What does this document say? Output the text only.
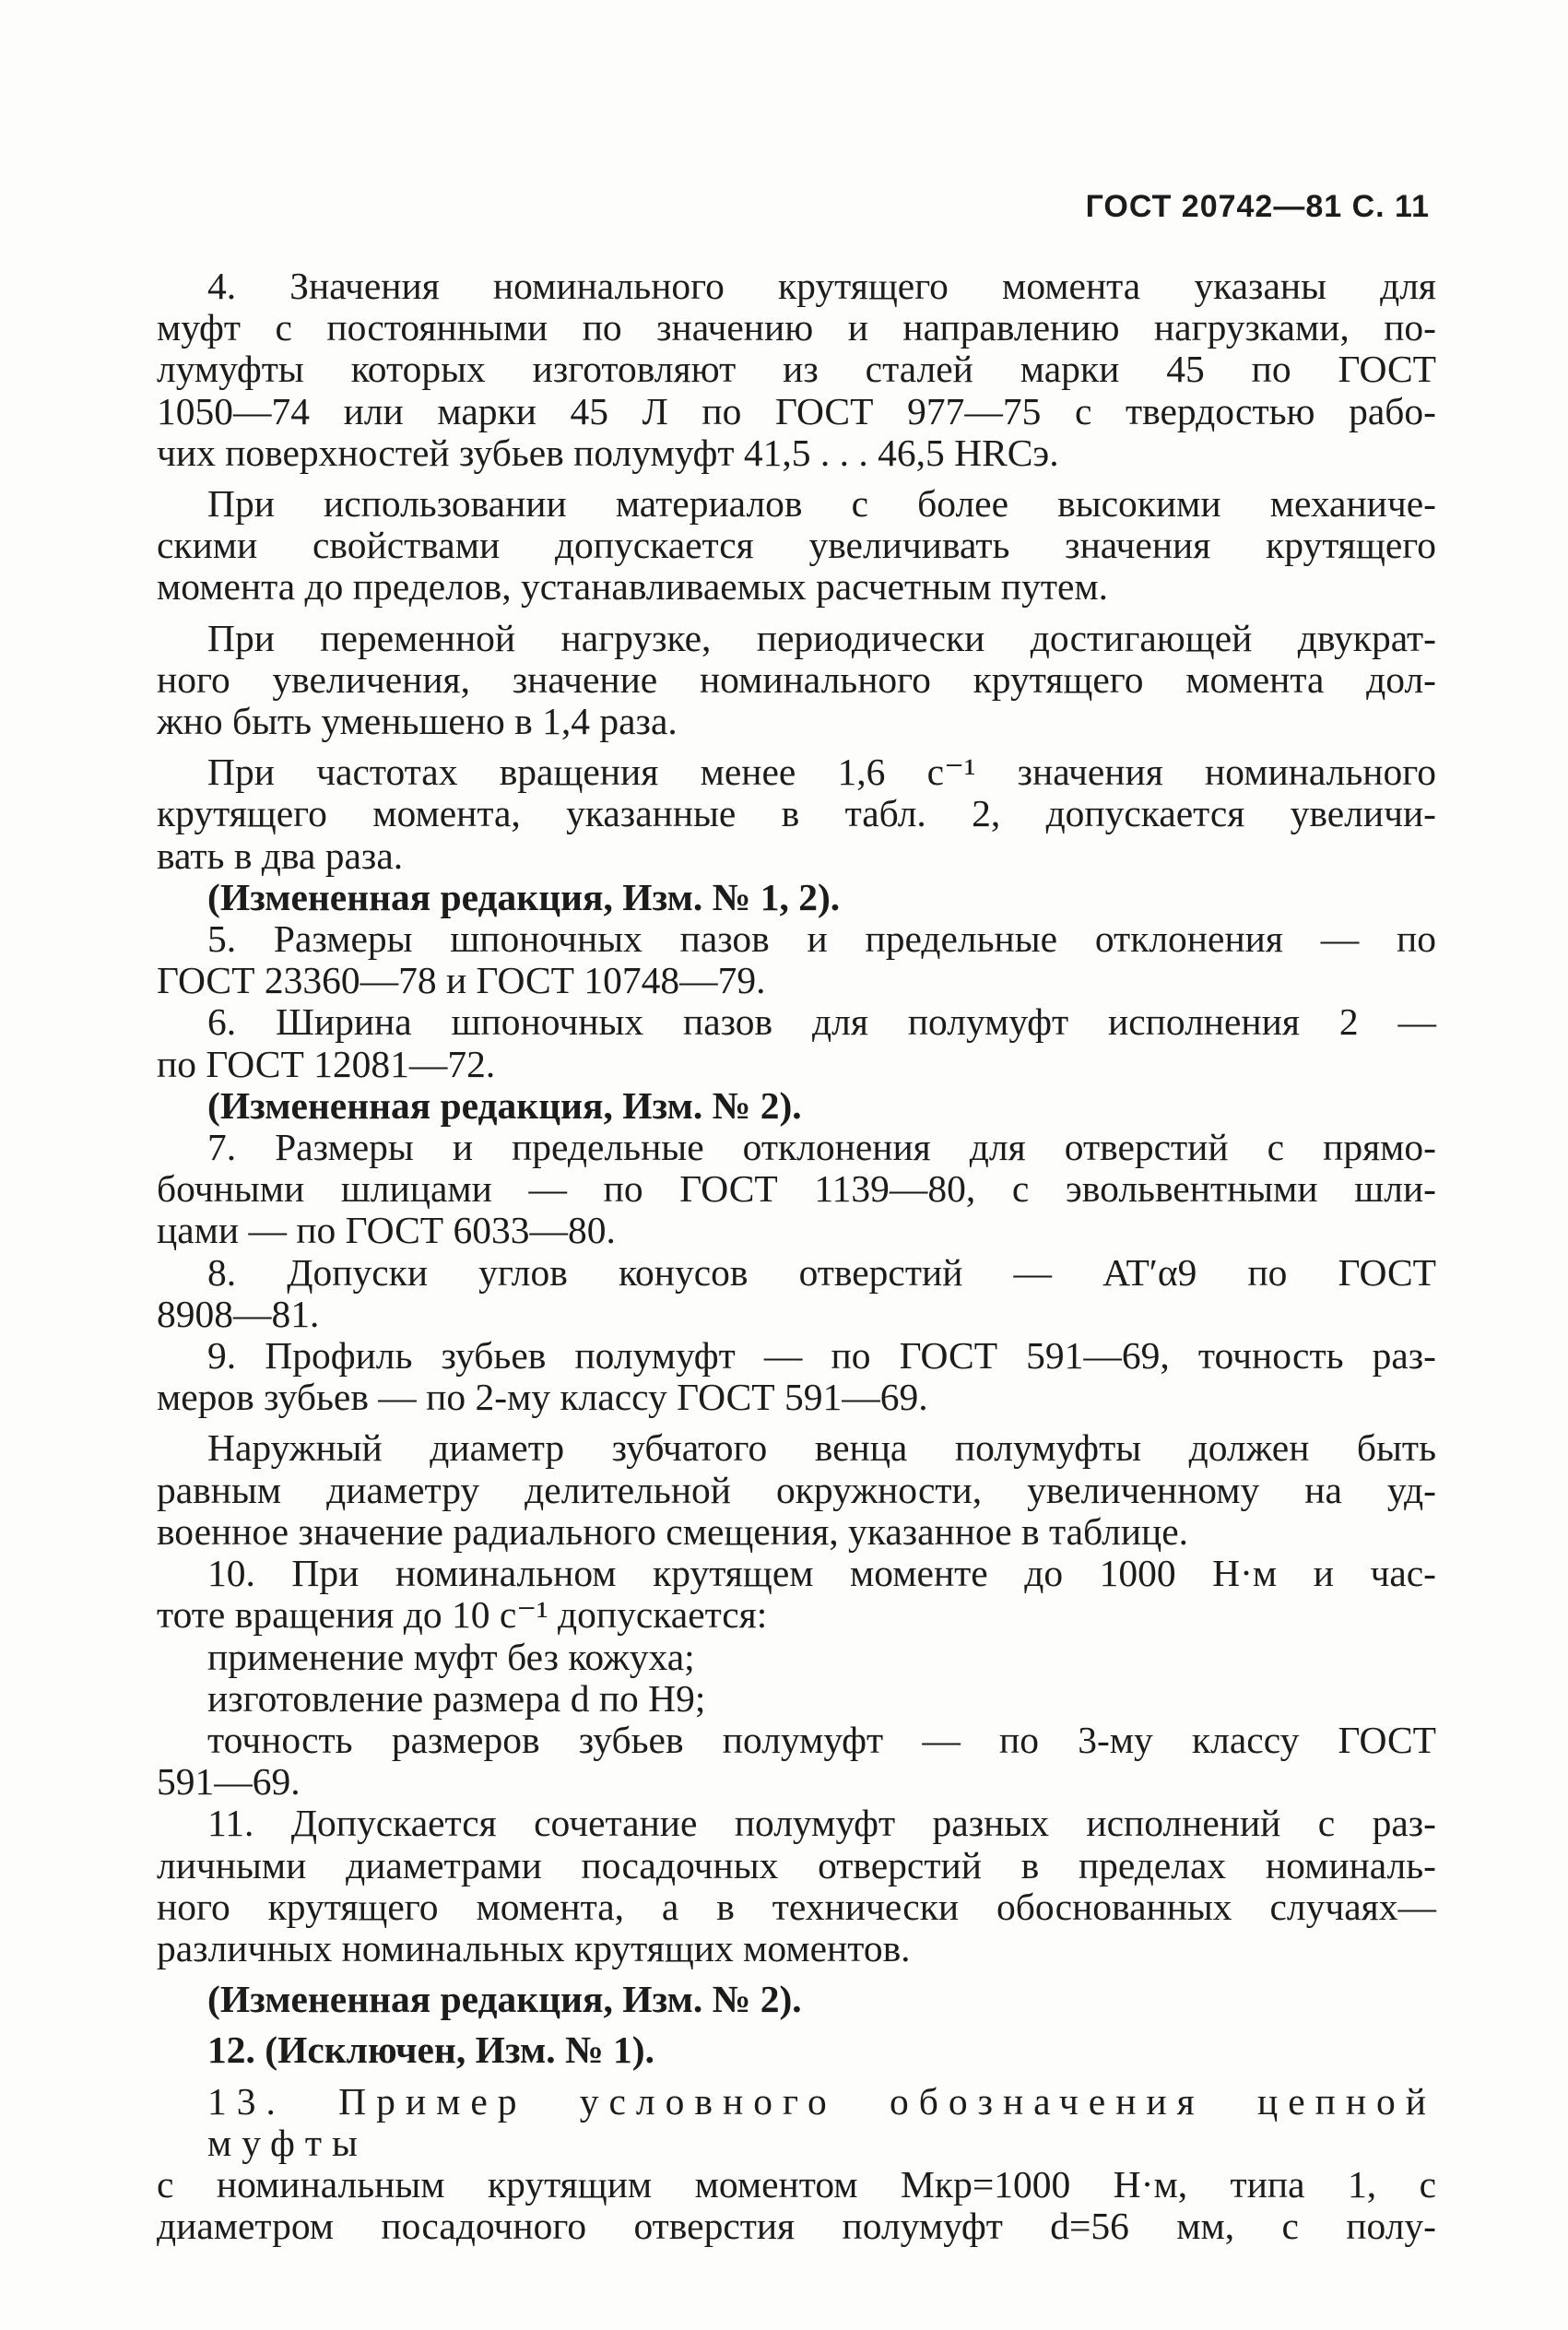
ГОСТ 20742—81 С. 11
4. Значения номинального крутящего момента указаны для
муфт с постоянными по значению и направлению нагрузками, по-
лумуфты которых изготовляют из сталей марки 45 по ГОСТ
1050—74 или марки 45 Л по ГОСТ 977—75 с твердостью рабо-
чих поверхностей зубьев полумуфт 41,5 . . . 46,5 HRCэ.
При использовании материалов с более высокими механиче-
скими свойствами допускается увеличивать значения крутящего
момента до пределов, устанавливаемых расчетным путем.
При переменной нагрузке, периодически достигающей двукрат-
ного увеличения, значение номинального крутящего момента дол-
жно быть уменьшено в 1,4 раза.
При частотах вращения менее 1,6 с⁻¹ значения номинального
крутящего момента, указанные в табл. 2, допускается увеличи-
вать в два раза.
(Измененная редакция, Изм. № 1, 2).
5. Размеры шпоночных пазов и предельные отклонения — по
ГОСТ 23360—78 и ГОСТ 10748—79.
6. Ширина шпоночных пазов для полумуфт исполнения 2 —
по ГОСТ 12081—72.
(Измененная редакция, Изм. № 2).
7. Размеры и предельные отклонения для отверстий с прямо-
бочными шлицами — по ГОСТ 1139—80, с эвольвентными шли-
цами — по ГОСТ 6033—80.
8. Допуски углов конусов отверстий — AT′α9 по ГОСТ
8908—81.
9. Профиль зубьев полумуфт — по ГОСТ 591—69, точность раз-
меров зубьев — по 2-му классу ГОСТ 591—69.
Наружный диаметр зубчатого венца полумуфты должен быть
равным диаметру делительной окружности, увеличенному на уд-
военное значение радиального смещения, указанное в таблице.
10. При номинальном крутящем моменте до 1000 Н·м и час-
тоте вращения до 10 с⁻¹ допускается:
применение муфт без кожуха;
изготовление размера d по Н9;
точность размеров зубьев полумуфт — по 3-му классу ГОСТ
591—69.
11. Допускается сочетание полумуфт разных исполнений с раз-
личными диаметрами посадочных отверстий в пределах номиналь-
ного крутящего момента, а в технически обоснованных случаях—
различных номинальных крутящих моментов.
(Измененная редакция, Изм. № 2).
12. (Исключен, Изм. № 1).
13. Пример условного обозначения цепной муфты
с номинальным крутящим моментом Mкр=1000 Н·м, типа 1, с
диаметром посадочного отверстия полумуфт d=56 мм, с полу-
